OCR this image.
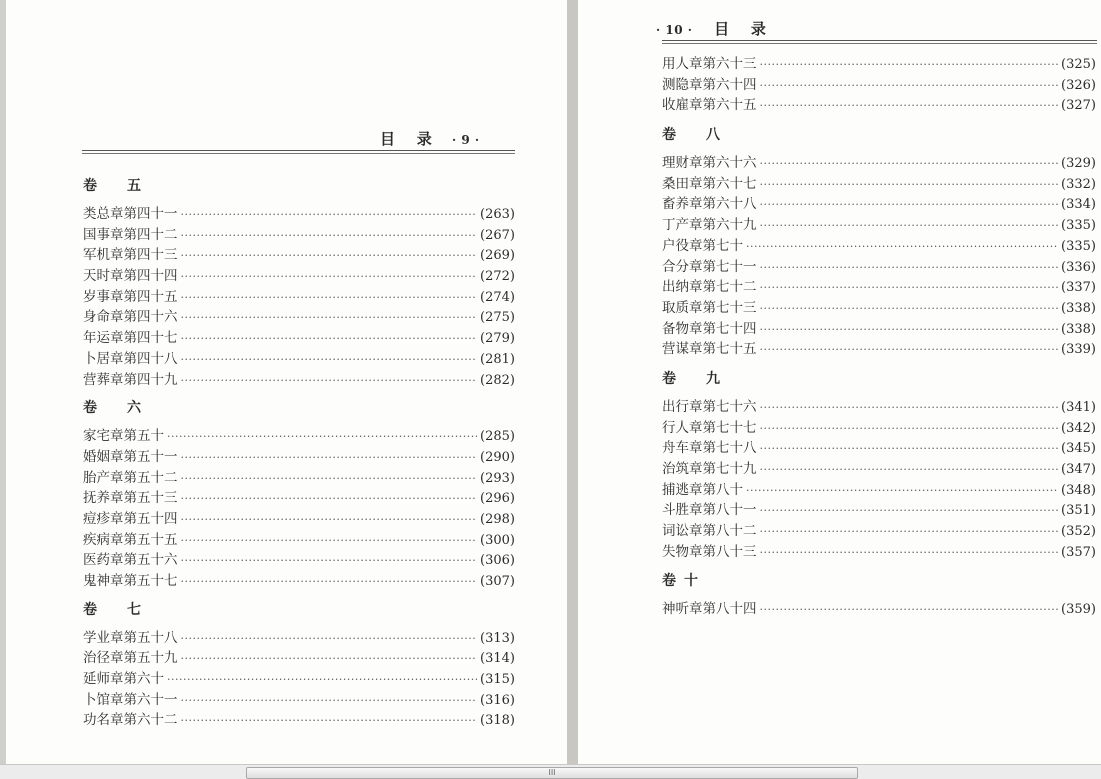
目　 录 · 9 ·
卷　五
类总章第四十一 ·····	(263)
国事章第四十二 ·····	(267)
军机章第四十三 ·····	(269)
天时章第四十四 ·····	(272)
岁事章第四十五 ·····	(274)
身命章第四十六 ·····	(275)
年运章第四十七 ·····	(279)
卜居章第四十八 ·····	(281)
营葬章第四十九 ·····	(282)
卷　六
家宅章第五十 ·····	(285)
婚姻章第五十一 ·····	(290)
胎产章第五十二 ·····	(293)
抚养章第五十三 ·····	(296)
痘疹章第五十四 ·····	(298)
疾病章第五十五 ·····	(300)
医药章第五十六 ·····	(306)
鬼神章第五十七 ·····	(307)
卷　七
学业章第五十八 ·····	(313)
治径章第五十九 ·····	(314)
延师章第六十 ·····	(315)
卜馆章第六十一 ·····	(316)
功名章第六十二 ·····	(318)
· 10 · 目　 录
用人章第六十三 ·····	(325)
测隐章第六十四 ·····	(326)
收雇章第六十五 ·····	(327)
卷　八
理财章第六十六 ·····	(329)
桑田章第六十七 ·····	(332)
畜养章第六十八 ·····	(334)
丁产章第六十九 ·····	(335)
户役章第七十 ·····	(335)
合分章第七十一 ·····	(336)
出纳章第七十二 ·····	(337)
取质章第七十三 ·····	(338)
备物章第七十四 ·····	(338)
营谋章第七十五 ·····	(339)
卷　九
出行章第七十六 ·····	(341)
行人章第七十七 ·····	(342)
舟车章第七十八 ·····	(345)
治筑章第七十九 ·····	(347)
捕逃章第八十 ·····	(348)
斗胜章第八十一 ·····	(351)
词讼章第八十二 ·····	(352)
失物章第八十三 ·····	(357)
卷十
神听章第八十四 ·····	(359)
III
